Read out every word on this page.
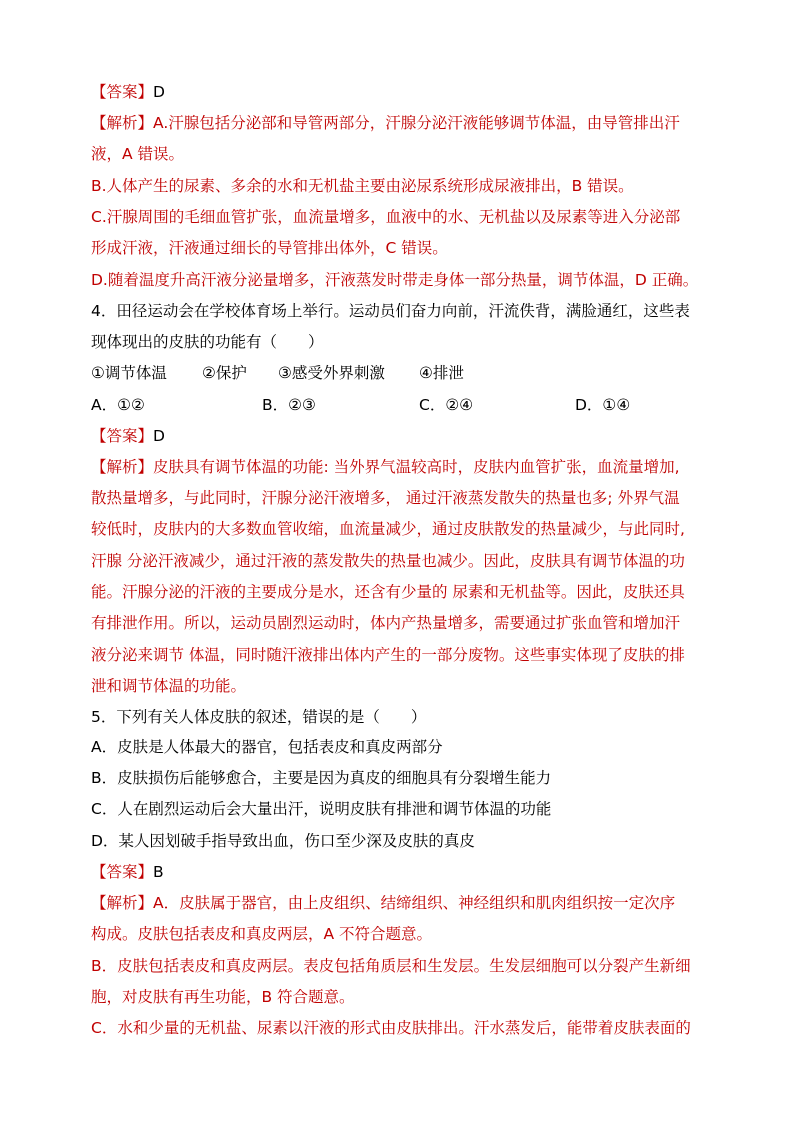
【答案】D
【解析】A.汗腺包括分泌部和导管两部分，汗腺分泌汗液能够调节体温，由导管排出汗
液，A 错误。
B.人体产生的尿素、多余的水和无机盐主要由泌尿系统形成尿液排出，B 错误。
C.汗腺周围的毛细血管扩张，血流量增多，血液中的水、无机盐以及尿素等进入分泌部
形成汗液，汗液通过细长的导管排出体外，C 错误。
D.随着温度升高汗液分泌量增多，汗液蒸发时带走身体一部分热量，调节体温，D 正确。
4．田径运动会在学校体育场上举行。运动员们奋力向前，汗流佚背，满脸通红，这些表
现体现出的皮肤的功能有（　　）
①调节体温 ②保护 ③感受外界刺激 ④排泄
A．①②	B．②③	C．②④	D．①④
【答案】D
【解析】皮肤具有调节体温的功能: 当外界气温较高时，皮肤内血管扩张，血流量增加,
散热量增多，与此同时，汗腺分泌汗液增多， 通过汗液蒸发散失的热量也多; 外界气温
较低时，皮肤内的大多数血管收缩，血流量减少，通过皮肤散发的热量减少，与此同时,
汗腺 分泌汗液减少，通过汗液的蒸发散失的热量也减少。因此，皮肤具有调节体温的功
能。汗腺分泌的汗液的主要成分是水，还含有少量的 尿素和无机盐等。因此，皮肤还具
有排泄作用。所以，运动员剧烈运动时，体内产热量增多，需要通过扩张血管和增加汗
液分泌来调节 体温，同时随汗液排出体内产生的一部分废物。这些事实体现了皮肤的排
泄和调节体温的功能。
5．下列有关人体皮肤的叙述，错误的是（　　）
A．皮肤是人体最大的器官，包括表皮和真皮两部分
B．皮肤损伤后能够愈合，主要是因为真皮的细胞具有分裂增生能力
C．人在剧烈运动后会大量出汗，说明皮肤有排泄和调节体温的功能
D．某人因划破手指导致出血，伤口至少深及皮肤的真皮
【答案】B
【解析】A．皮肤属于器官，由上皮组织、结缔组织、神经组织和肌肉组织按一定次序
构成。皮肤包括表皮和真皮两层，A 不符合题意。
B．皮肤包括表皮和真皮两层。表皮包括角质层和生发层。生发层细胞可以分裂产生新细
胞，对皮肤有再生功能，B 符合题意。
C．水和少量的无机盐、尿素以汗液的形式由皮肤排出。汗水蒸发后，能带着皮肤表面的
